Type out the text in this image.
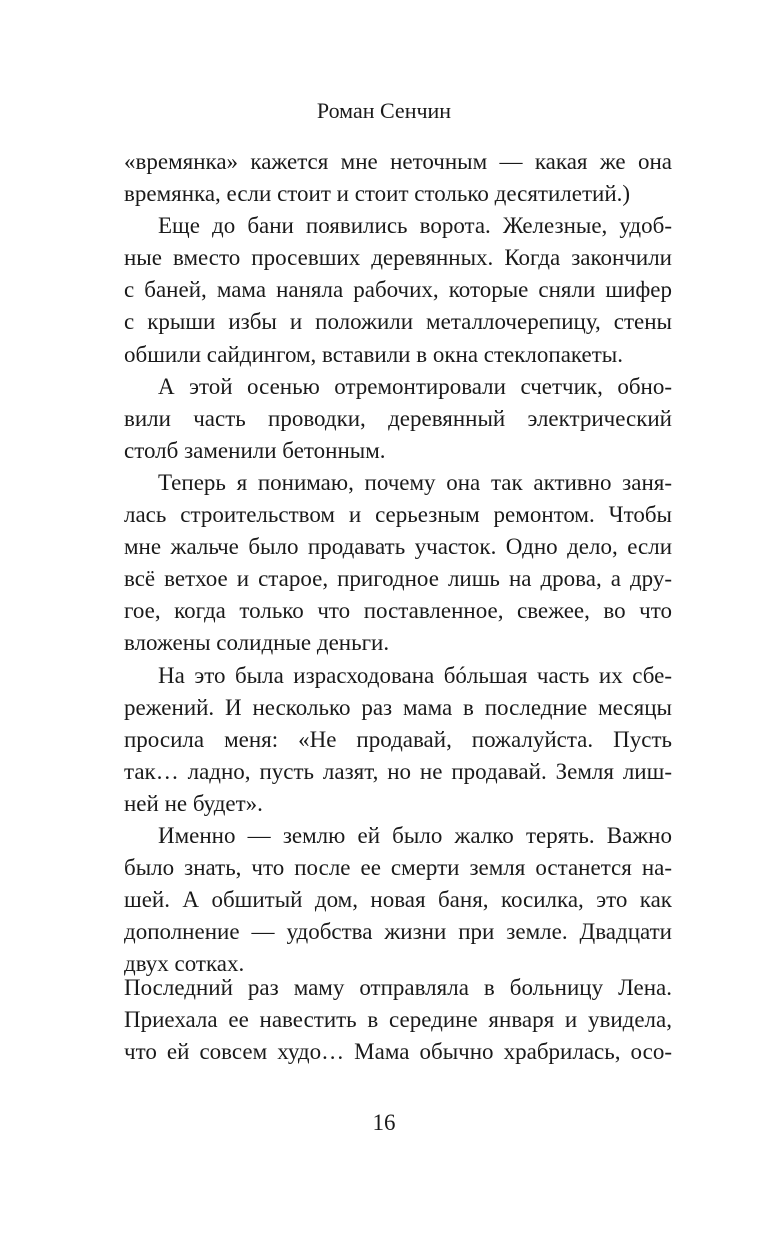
Роман Сенчин
«времянка» кажется мне неточным — какая же она
времянка, если стоит и стоит столько десятилетий.)
Еще до бани появились ворота. Железные, удоб-
ные вместо просевших деревянных. Когда закончили
с баней, мама наняла рабочих, которые сняли шифер
с крыши избы и положили металлочерепицу, стены
обшили сайдингом, вставили в окна стеклопакеты.
А этой осенью отремонтировали счетчик, обно-
вили часть проводки, деревянный электрический
столб заменили бетонным.
Теперь я понимаю, почему она так активно заня-
лась строительством и серьезным ремонтом. Чтобы
мне жальче было продавать участок. Одно дело, если
всё ветхое и старое, пригодное лишь на дрова, а дру-
гое, когда только что поставленное, свежее, во что
вложены солидные деньги.
На это была израсходована бóльшая часть их сбе-
режений. И несколько раз мама в последние месяцы
просила меня: «Не продавай, пожалуйста. Пусть
так… ладно, пусть лазят, но не продавай. Земля лиш-
ней не будет».
Именно — землю ей было жалко терять. Важно
было знать, что после ее смерти земля останется на-
шей. А обшитый дом, новая баня, косилка, это как
дополнение — удобства жизни при земле. Двадцати
двух сотках.
Последний раз маму отправляла в больницу Лена.
Приехала ее навестить в середине января и увидела,
что ей совсем худо… Мама обычно храбрилась, осо-
16
